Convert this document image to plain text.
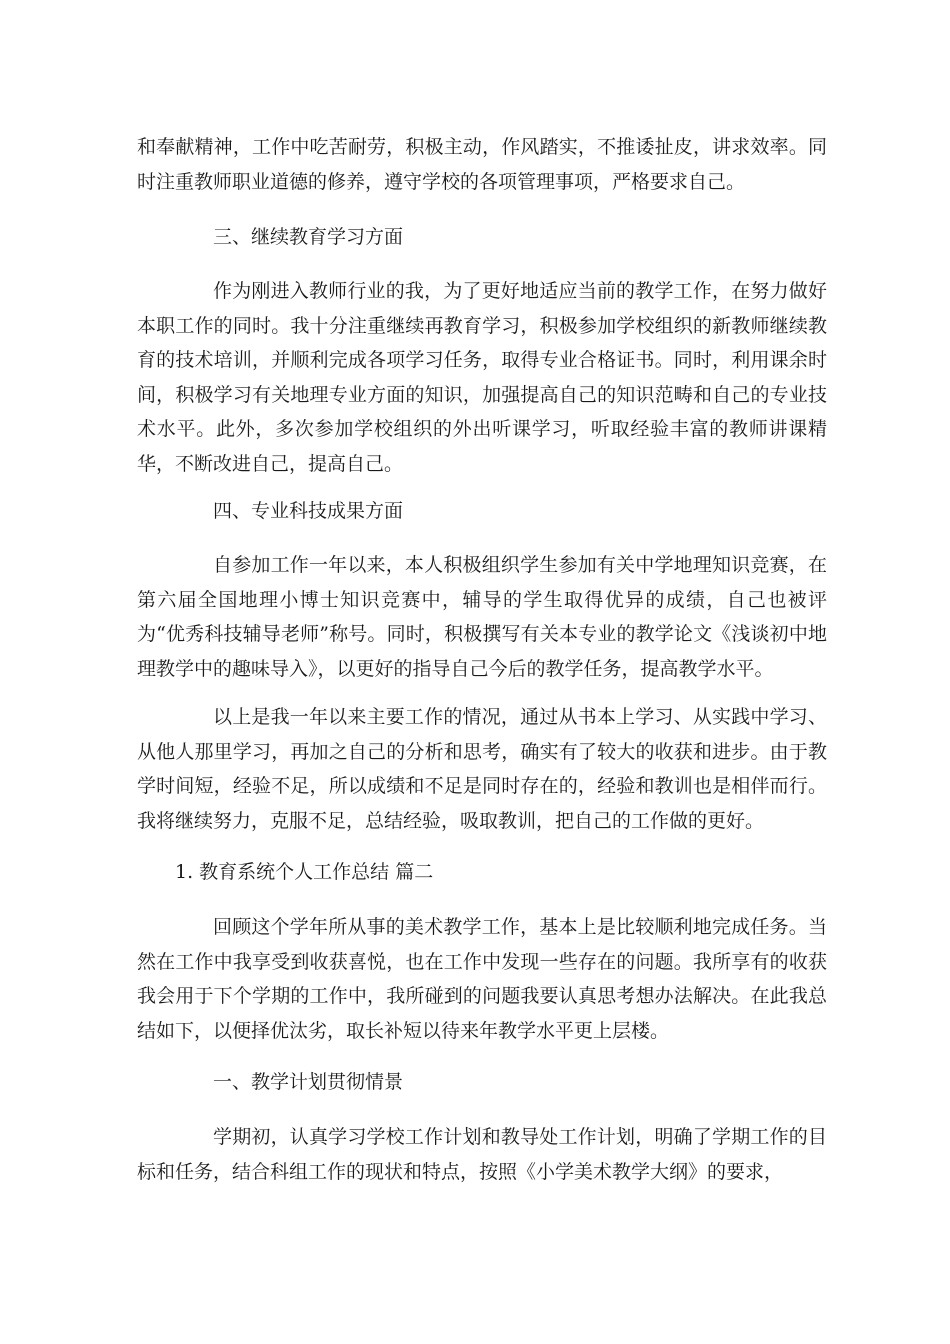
和奉献精神，工作中吃苦耐劳，积极主动，作风踏实，不推诿扯皮，讲求效率。同时注重教师职业道德的修养，遵守学校的各项管理事项，严格要求自己。

三、继续教育学习方面

作为刚进入教师行业的我，为了更好地适应当前的教学工作，在努力做好本职工作的同时。我十分注重继续再教育学习，积极参加学校组织的新教师继续教育的技术培训，并顺利完成各项学习任务，取得专业合格证书。同时，利用课余时间，积极学习有关地理专业方面的知识，加强提高自己的知识范畴和自己的专业技术水平。此外，多次参加学校组织的外出听课学习，听取经验丰富的教师讲课精华，不断改进自己，提高自己。

四、专业科技成果方面

自参加工作一年以来，本人积极组织学生参加有关中学地理知识竞赛，在第六届全国地理小博士知识竞赛中，辅导的学生取得优异的成绩，自己也被评为“优秀科技辅导老师”称号。同时，积极撰写有关本专业的教学论文《浅谈初中地理教学中的趣味导入》，以更好的指导自己今后的教学任务，提高教学水平。

以上是我一年以来主要工作的情况，通过从书本上学习、从实践中学习、从他人那里学习，再加之自己的分析和思考，确实有了较大的收获和进步。由于教学时间短，经验不足，所以成绩和不足是同时存在的，经验和教训也是相伴而行。我将继续努力，克服不足，总结经验，吸取教训，把自己的工作做的更好。

1. 教育系统个人工作总结 篇二

回顾这个学年所从事的美术教学工作，基本上是比较顺利地完成任务。当然在工作中我享受到收获喜悦，也在工作中发现一些存在的问题。我所享有的收获我会用于下个学期的工作中，我所碰到的问题我要认真思考想办法解决。在此我总结如下，以便择优汰劣，取长补短以待来年教学水平更上层楼。

一、教学计划贯彻情景

学期初，认真学习学校工作计划和教导处工作计划，明确了学期工作的目标和任务，结合科组工作的现状和特点，按照《小学美术教学大纲》的要求，
